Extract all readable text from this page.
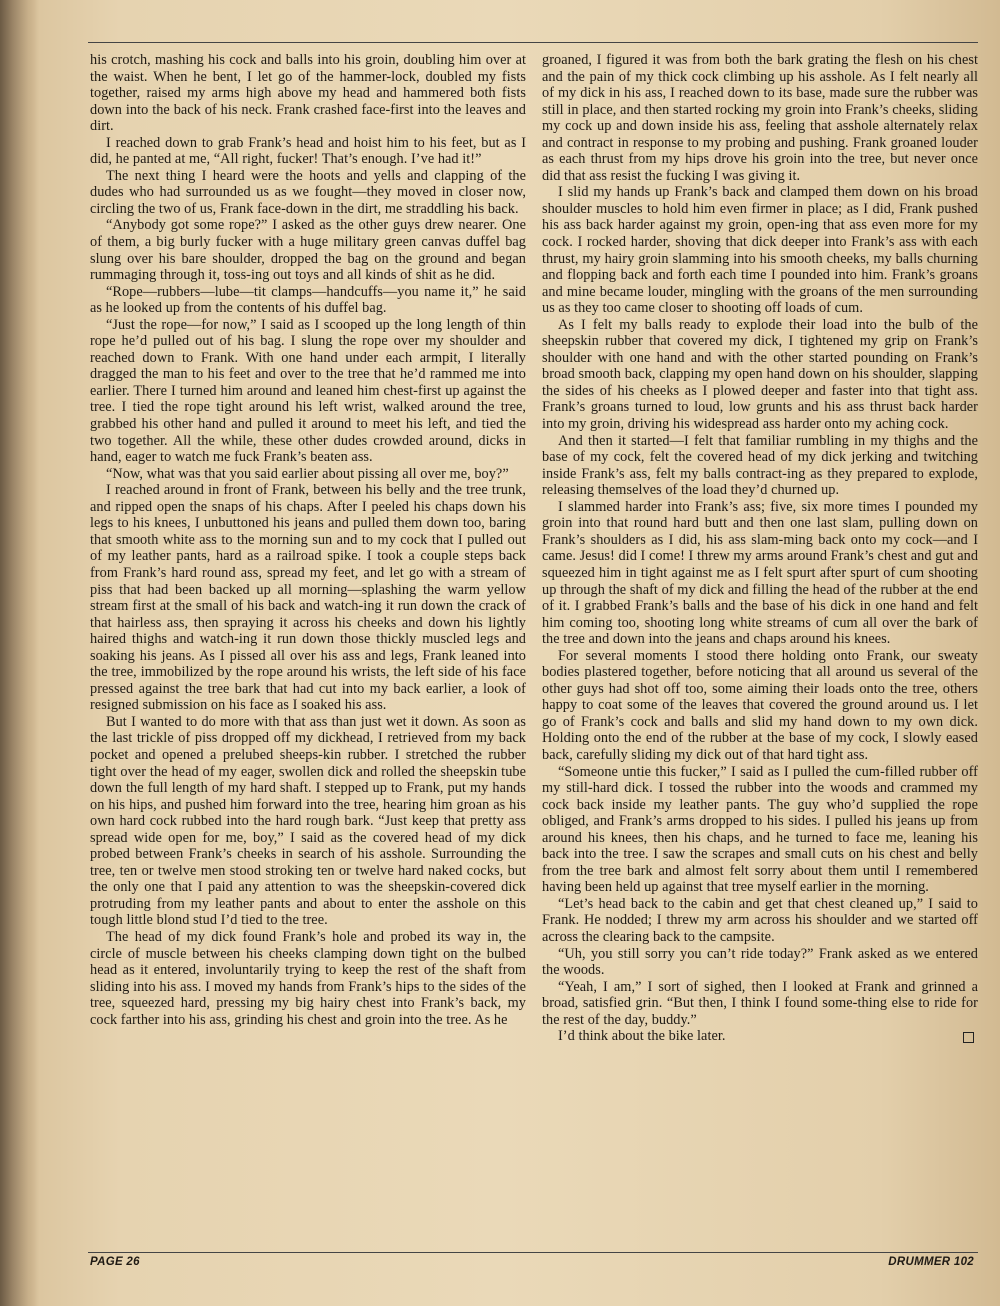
his crotch, mashing his cock and balls into his groin, doubling him over at the waist. When he bent, I let go of the hammer-lock, doubled my fists together, raised my arms high above my head and hammered both fists down into the back of his neck. Frank crashed face-first into the leaves and dirt.

I reached down to grab Frank’s head and hoist him to his feet, but as I did, he panted at me, “All right, fucker! That’s enough. I’ve had it!”

The next thing I heard were the hoots and yells and clapping of the dudes who had surrounded us as we fought—they moved in closer now, circling the two of us, Frank face-down in the dirt, me straddling his back.

“Anybody got some rope?” I asked as the other guys drew nearer. One of them, a big burly fucker with a huge military green canvas duffel bag slung over his bare shoulder, dropped the bag on the ground and began rummaging through it, toss-ing out toys and all kinds of shit as he did.

“Rope—rubbers—lube—tit clamps—handcuffs—you name it,” he said as he looked up from the contents of his duffel bag.

“Just the rope—for now,” I said as I scooped up the long length of thin rope he’d pulled out of his bag. I slung the rope over my shoulder and reached down to Frank. With one hand under each armpit, I literally dragged the man to his feet and over to the tree that he’d rammed me into earlier. There I turned him around and leaned him chest-first up against the tree. I tied the rope tight around his left wrist, walked around the tree, grabbed his other hand and pulled it around to meet his left, and tied the two together. All the while, these other dudes crowded around, dicks in hand, eager to watch me fuck Frank’s beaten ass.

“Now, what was that you said earlier about pissing all over me, boy?”

I reached around in front of Frank, between his belly and the tree trunk, and ripped open the snaps of his chaps. After I peeled his chaps down his legs to his knees, I unbuttoned his jeans and pulled them down too, baring that smooth white ass to the morning sun and to my cock that I pulled out of my leather pants, hard as a railroad spike. I took a couple steps back from Frank’s hard round ass, spread my feet, and let go with a stream of piss that had been backed up all morning—splashing the warm yellow stream first at the small of his back and watch-ing it run down the crack of that hairless ass, then spraying it across his cheeks and down his lightly haired thighs and watch-ing it run down those thickly muscled legs and soaking his jeans. As I pissed all over his ass and legs, Frank leaned into the tree, immobilized by the rope around his wrists, the left side of his face pressed against the tree bark that had cut into my back earlier, a look of resigned submission on his face as I soaked his ass.

But I wanted to do more with that ass than just wet it down. As soon as the last trickle of piss dropped off my dickhead, I retrieved from my back pocket and opened a prelubed sheeps-kin rubber. I stretched the rubber tight over the head of my eager, swollen dick and rolled the sheepskin tube down the full length of my hard shaft. I stepped up to Frank, put my hands on his hips, and pushed him forward into the tree, hearing him groan as his own hard cock rubbed into the hard rough bark. “Just keep that pretty ass spread wide open for me, boy,” I said as the covered head of my dick probed between Frank’s cheeks in search of his asshole. Surrounding the tree, ten or twelve men stood stroking ten or twelve hard naked cocks, but the only one that I paid any attention to was the sheepskin-covered dick protruding from my leather pants and about to enter the asshole on this tough little blond stud I’d tied to the tree.

The head of my dick found Frank’s hole and probed its way in, the circle of muscle between his cheeks clamping down tight on the bulbed head as it entered, involuntarily trying to keep the rest of the shaft from sliding into his ass. I moved my hands from Frank’s hips to the sides of the tree, squeezed hard, pressing my big hairy chest into Frank’s back, my cock farther into his ass, grinding his chest and groin into the tree. As he

groaned, I figured it was from both the bark grating the flesh on his chest and the pain of my thick cock climbing up his asshole. As I felt nearly all of my dick in his ass, I reached down to its base, made sure the rubber was still in place, and then started rocking my groin into Frank’s cheeks, sliding my cock up and down inside his ass, feeling that asshole alternately relax and contract in response to my probing and pushing. Frank groaned louder as each thrust from my hips drove his groin into the tree, but never once did that ass resist the fucking I was giving it.

I slid my hands up Frank’s back and clamped them down on his broad shoulder muscles to hold him even firmer in place; as I did, Frank pushed his ass back harder against my groin, open-ing that ass even more for my cock. I rocked harder, shoving that dick deeper into Frank’s ass with each thrust, my hairy groin slamming into his smooth cheeks, my balls churning and flopping back and forth each time I pounded into him. Frank’s groans and mine became louder, mingling with the groans of the men surrounding us as they too came closer to shooting off loads of cum.

As I felt my balls ready to explode their load into the bulb of the sheepskin rubber that covered my dick, I tightened my grip on Frank’s shoulder with one hand and with the other started pounding on Frank’s broad smooth back, clapping my open hand down on his shoulder, slapping the sides of his cheeks as I plowed deeper and faster into that tight ass. Frank’s groans turned to loud, low grunts and his ass thrust back harder into my groin, driving his widespread ass harder onto my aching cock.

And then it started—I felt that familiar rumbling in my thighs and the base of my cock, felt the covered head of my dick jerking and twitching inside Frank’s ass, felt my balls contract-ing as they prepared to explode, releasing themselves of the load they’d churned up.

I slammed harder into Frank’s ass; five, six more times I pounded my groin into that round hard butt and then one last slam, pulling down on Frank’s shoulders as I did, his ass slam-ming back onto my cock—and I came. Jesus! did I come! I threw my arms around Frank’s chest and gut and squeezed him in tight against me as I felt spurt after spurt of cum shooting up through the shaft of my dick and filling the head of the rubber at the end of it. I grabbed Frank’s balls and the base of his dick in one hand and felt him coming too, shooting long white streams of cum all over the bark of the tree and down into the jeans and chaps around his knees.

For several moments I stood there holding onto Frank, our sweaty bodies plastered together, before noticing that all around us several of the other guys had shot off too, some aiming their loads onto the tree, others happy to coat some of the leaves that covered the ground around us. I let go of Frank’s cock and balls and slid my hand down to my own dick. Holding onto the end of the rubber at the base of my cock, I slowly eased back, carefully sliding my dick out of that hard tight ass.

“Someone untie this fucker,” I said as I pulled the cum-filled rubber off my still-hard dick. I tossed the rubber into the woods and crammed my cock back inside my leather pants. The guy who’d supplied the rope obliged, and Frank’s arms dropped to his sides. I pulled his jeans up from around his knees, then his chaps, and he turned to face me, leaning his back into the tree. I saw the scrapes and small cuts on his chest and belly from the tree bark and almost felt sorry about them until I remembered having been held up against that tree myself earlier in the morning.

“Let’s head back to the cabin and get that chest cleaned up,” I said to Frank. He nodded; I threw my arm across his shoulder and we started off across the clearing back to the campsite.

“Uh, you still sorry you can’t ride today?” Frank asked as we entered the woods.

“Yeah, I am,” I sort of sighed, then I looked at Frank and grinned a broad, satisfied grin. “But then, I think I found some-thing else to ride for the rest of the day, buddy.”

I’d think about the bike later.

PAGE 26	DRUMMER 102
